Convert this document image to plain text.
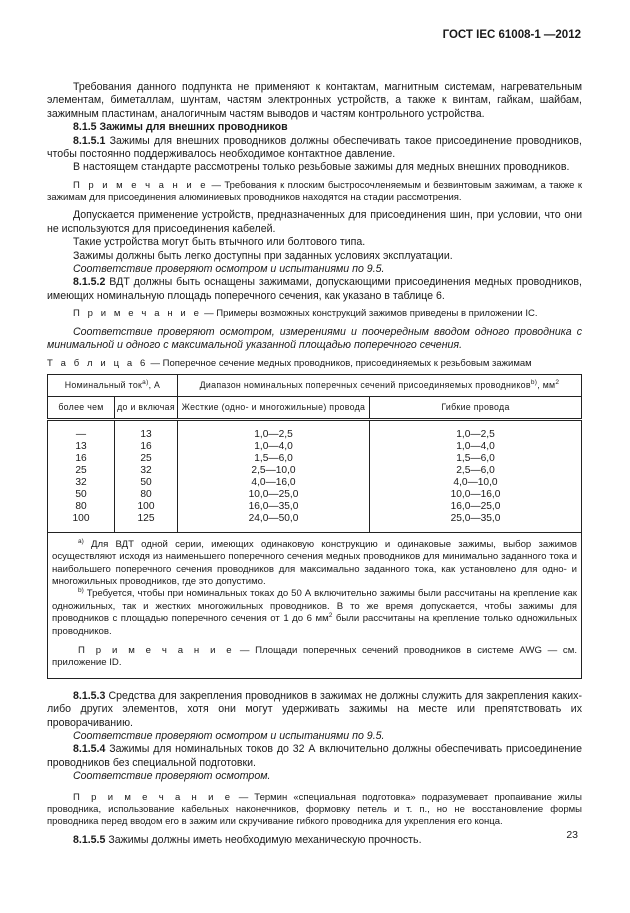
ГОСТ IEC 61008-1 —2012

Требования данного подпункта не применяют к контактам, магнитным системам, нагревательным элементам, биметаллам, шунтам, частям электронных устройств, а также к винтам, гайкам, шайбам, зажимным пластинам, аналогичным частям выводов и частям контрольного устройства.

8.1.5 Зажимы для внешних проводников

8.1.5.1 Зажимы для внешних проводников должны обеспечивать такое присоединение проводников, чтобы постоянно поддерживалось необходимое контактное давление.

В настоящем стандарте рассмотрены только резьбовые зажимы для медных внешних проводников.

П р и м е ч а н и е — Требования к плоским быстросочленяемым и безвинтовым зажимам, а также к зажимам для присоединения алюминиевых проводников находятся на стадии рассмотрения.

Допускается применение устройств, предназначенных для присоединения шин, при условии, что они не используются для присоединения кабелей.

Такие устройства могут быть втычного или болтового типа.

Зажимы должны быть легко доступны при заданных условиях эксплуатации.

Соответствие проверяют осмотром и испытаниями по 9.5.

8.1.5.2 ВДТ должны быть оснащены зажимами, допускающими присоединения медных проводников, имеющих номинальную площадь поперечного сечения, как указано в таблице 6.

П р и м е ч а н и е — Примеры возможных конструкций зажимов приведены в приложении IC.

Соответствие проверяют осмотром, измерениями и поочередным вводом одного проводника с минимальной и одного с максимальной указанной площадью поперечного сечения.

Т а б л и ц а 6 — Поперечное сечение медных проводников, присоединяемых к резьбовым зажимам
Номинальный ток$^{а)}$, А		Диапазон номинальных поперечных сечений присоединяемых проводников$^{b)}$, $мм^2$
более чем	до и включая	Жесткие (одно- и многожильные) провода	Гибкие провода
—	13	1,0—2,5	1,0—2,5
13	16	1,0—4,0	1,0—4,0
16	25	1,5—6,0	1,5—6,0
25	32	2,5—10,0	2,5—6,0
32	50	4,0—16,0	4,0—10,0
50	80	10,0—25,0	10,0—16,0
80	100	16,0—35,0	16,0—25,0
100	125	24,0—50,0	25,0—35,0

$^{а)}$ Для ВДТ одной серии, имеющих одинаковую конструкцию и одинаковые зажимы, выбор зажимов осуществляют исходя из наименьшего поперечного сечения медных проводников для минимально заданного тока и наибольшего поперечного сечения проводников для максимально заданного тока, как установлено для одно- и многожильных проводников, где это допустимо.

$^{b)}$ Требуется, чтобы при номинальных токах до 50 А включительно зажимы были рассчитаны на крепление как одножильных, так и жестких многожильных проводников. В то же время допускается, чтобы зажимы для проводников с площадью поперечного сечения от 1 до 6 $мм^2$ были рассчитаны на крепление только одножильных проводников.

П р и м е ч а н и е — Площади поперечных сечений проводников в системе AWG — см. приложение ID.			

8.1.5.3 Средства для закрепления проводников в зажимах не должны служить для закрепления каких-либо других элементов, хотя они могут удерживать зажимы на месте или препятствовать их проворачиванию.

Соответствие проверяют осмотром и испытаниями по 9.5.

8.1.5.4 Зажимы для номинальных токов до 32 А включительно должны обеспечивать присоединение проводников без специальной подготовки.

Соответствие проверяют осмотром.

П р и м е ч а н и е — Термин «специальная подготовка» подразумевает пропаивание жилы проводника, использование кабельных наконечников, формовку петель и т. п., но не восстановление формы проводника перед вводом его в зажим или скручивание гибкого проводника для укрепления его конца.

8.1.5.5 Зажимы должны иметь необходимую механическую прочность.	23
